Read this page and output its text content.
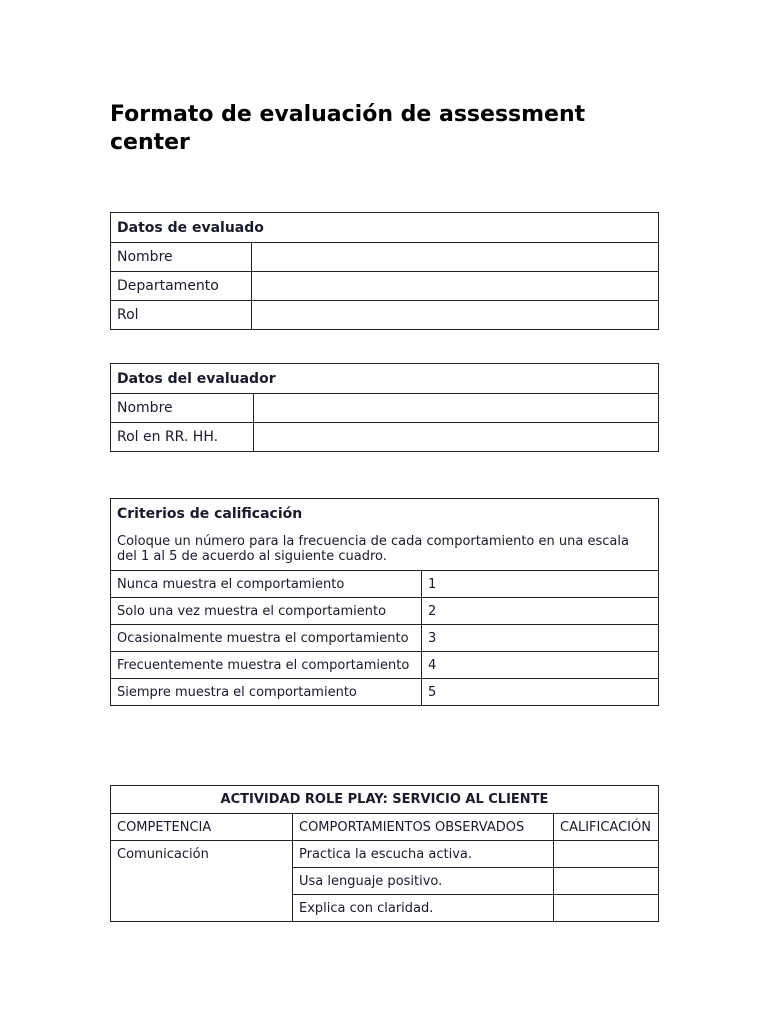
Formato de evaluación de assessment center
Datos de evaluado	
Nombre	
Departamento	
Rol	
Datos del evaluador	
Nombre	
Rol en RR. HH.	
Criterios de calificación
Coloque un número para la frecuencia de cada comportamiento en una escala del 1 al 5 de acuerdo al siguiente cuadro.	

Nunca muestra el comportamiento	1
Solo una vez muestra el comportamiento	2
Ocasionalmente muestra el comportamiento	3
Frecuentemente muestra el comportamiento	4
Siempre muestra el comportamiento	5
ACTIVIDAD ROLE PLAY: SERVICIO AL CLIENTE		
COMPETENCIA	COMPORTAMIENTOS OBSERVADOS	CALIFICACIÓN
Comunicación	Practica la escucha activa.	
	Usa lenguaje positivo.	
	Explica con claridad.	
